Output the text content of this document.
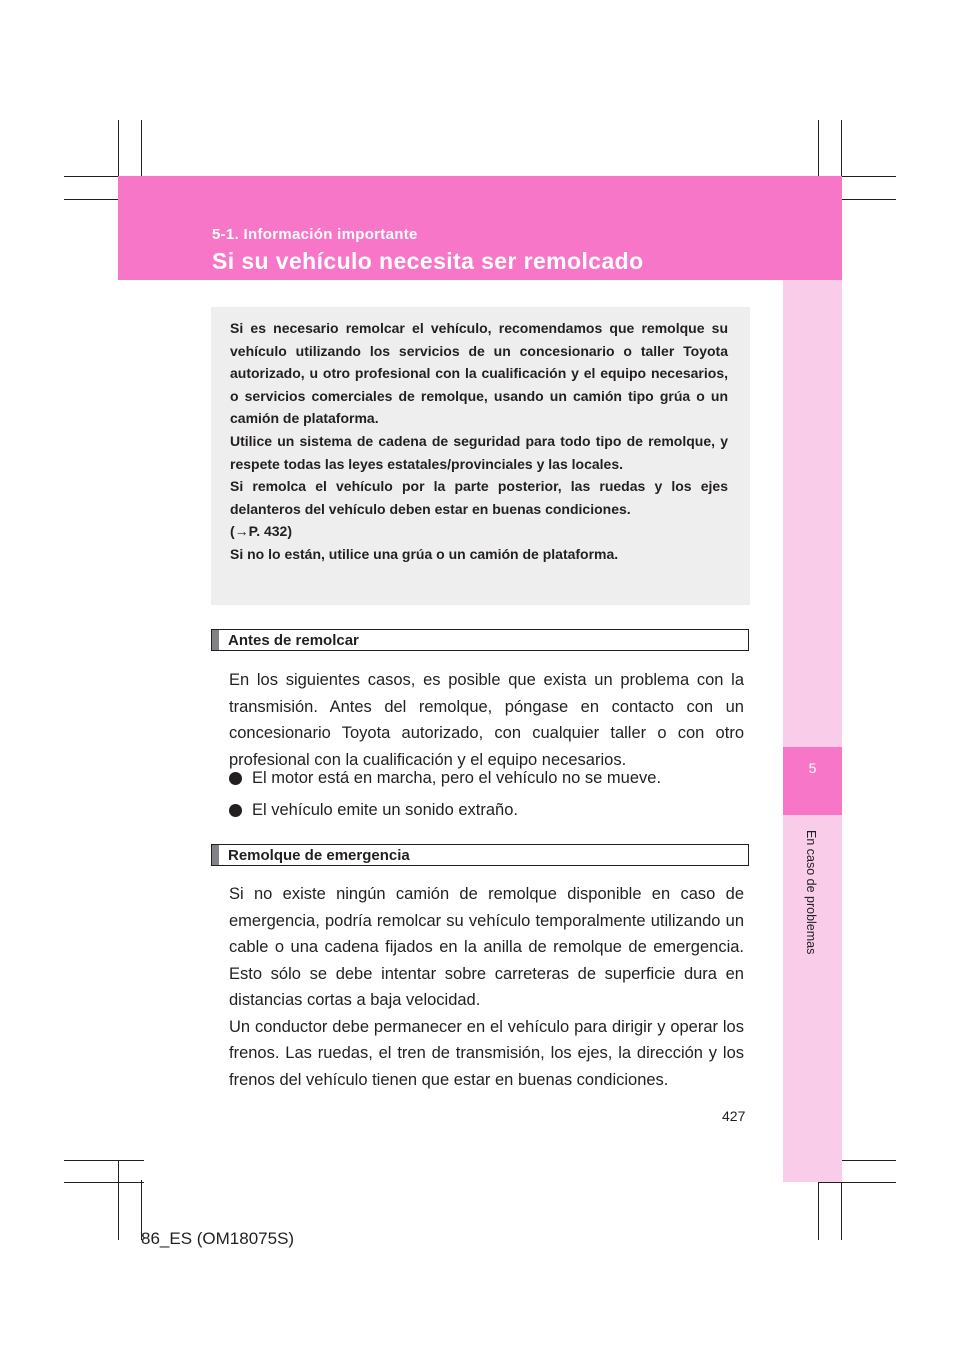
5-1. Información importante
Si su vehículo necesita ser remolcado
5
En caso de problemas

Si es necesario remolcar el vehículo, recomendamos que remolque su vehículo utilizando los servicios de un concesionario o taller Toyota autorizado, u otro profesional con la cualificación y el equipo necesarios, o servicios comerciales de remolque, usando un camión tipo grúa o un camión de plataforma.

Utilice un sistema de cadena de seguridad para todo tipo de remolque, y respete todas las leyes estatales/provinciales y las locales.

Si remolca el vehículo por la parte posterior, las ruedas y los ejes delanteros del vehículo deben estar en buenas condiciones.

(→P. 432)

Si no lo están, utilice una grúa o un camión de plataforma.

Antes de remolcar

En los siguientes casos, es posible que exista un problema con la transmisión. Antes del remolque, póngase en contacto con un concesionario Toyota autorizado, con cualquier taller o con otro profesional con la cualificación y el equipo necesarios.

El motor está en marcha, pero el vehículo no se mueve.
El vehículo emite un sonido extraño.
Remolque de emergencia

Si no existe ningún camión de remolque disponible en caso de emergencia, podría remolcar su vehículo temporalmente utilizando un cable o una cadena fijados en la anilla de remolque de emergencia. Esto sólo se debe intentar sobre carreteras de superficie dura en distancias cortas a baja velocidad.

Un conductor debe permanecer en el vehículo para dirigir y operar los frenos. Las ruedas, el tren de transmisión, los ejes, la dirección y los frenos del vehículo tienen que estar en buenas condiciones.

427
86_ES (OM18075S)
